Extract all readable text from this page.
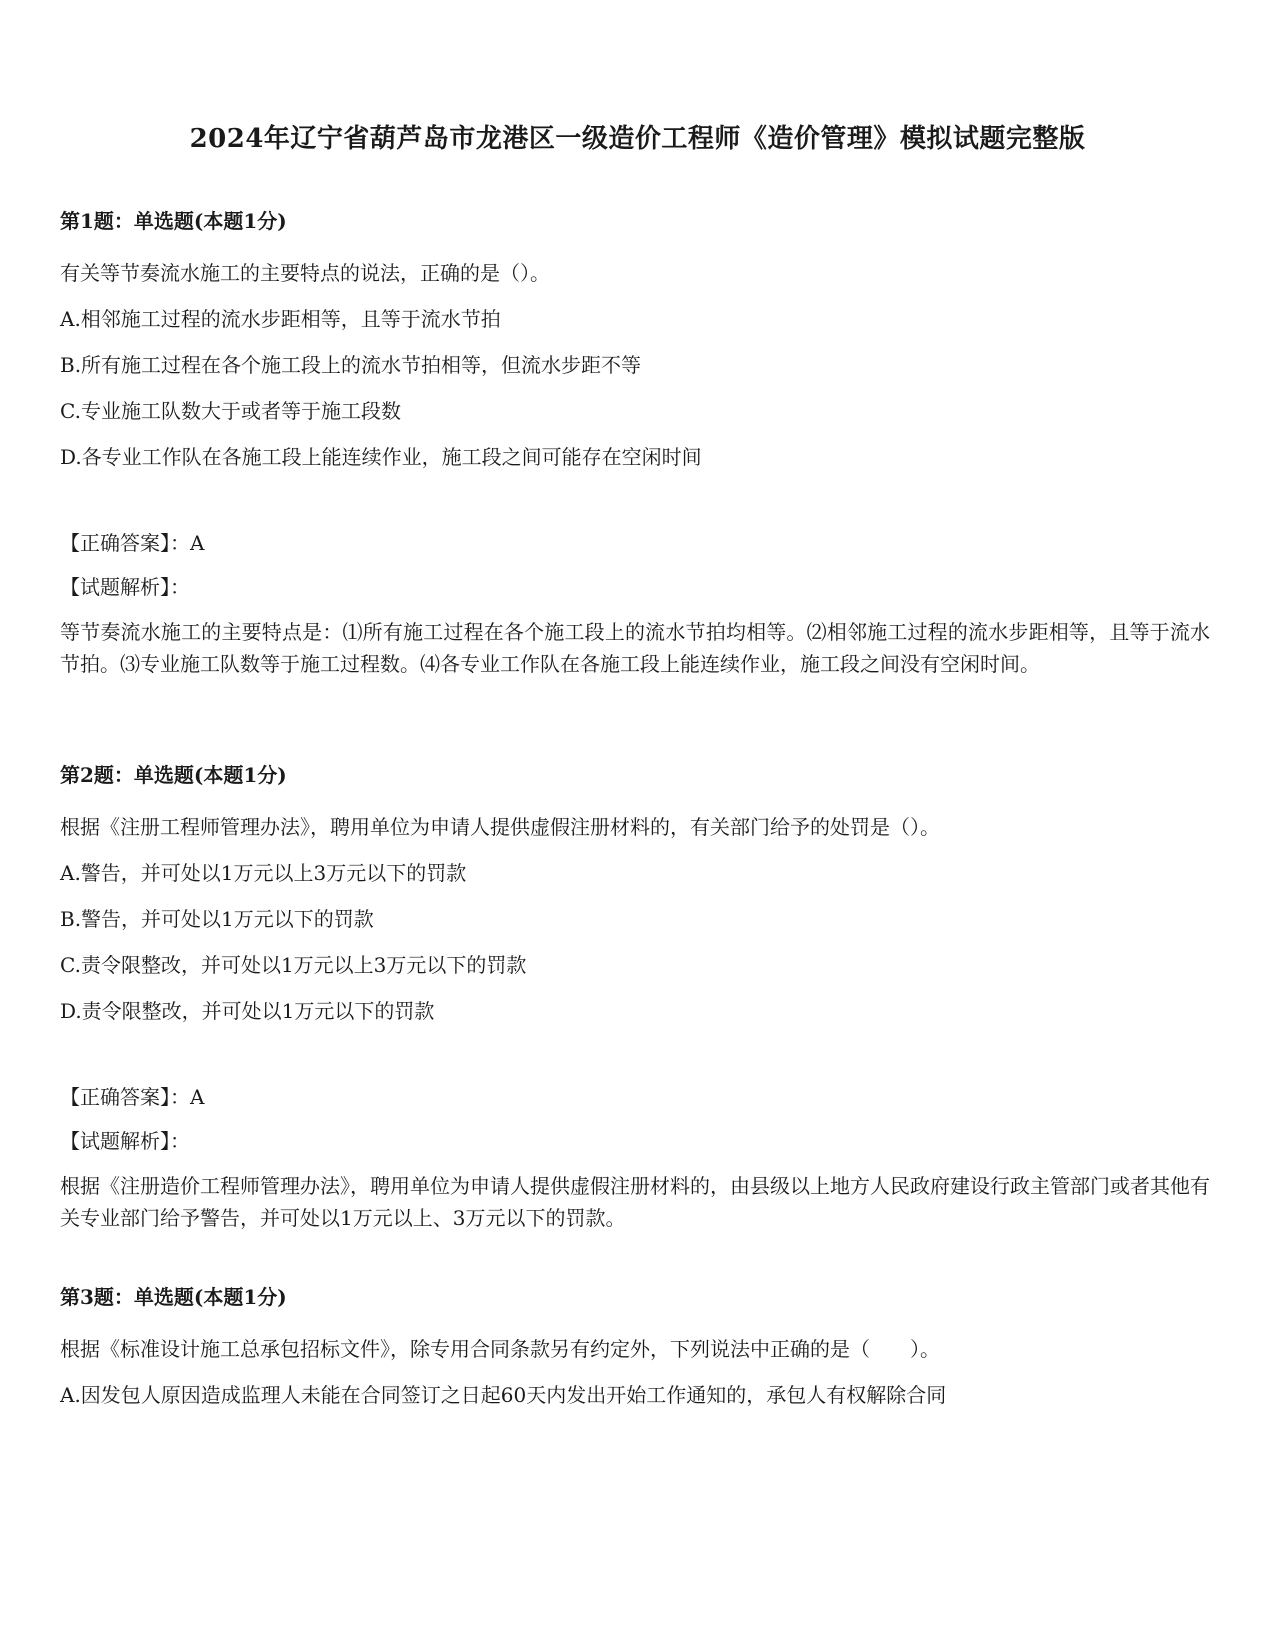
2024年辽宁省葫芦岛市龙港区一级造价工程师《造价管理》模拟试题完整版
第1题：单选题(本题1分)
有关等节奏流水施工的主要特点的说法，正确的是（）。
A.相邻施工过程的流水步距相等，且等于流水节拍
B.所有施工过程在各个施工段上的流水节拍相等，但流水步距不等
C.专业施工队数大于或者等于施工段数
D.各专业工作队在各施工段上能连续作业，施工段之间可能存在空闲时间
【正确答案】：A
【试题解析】：
等节奏流水施工的主要特点是：⑴所有施工过程在各个施工段上的流水节拍均相等。⑵相邻施工过程的流水步距相等，且等于流水节拍。⑶专业施工队数等于施工过程数。⑷各专业工作队在各施工段上能连续作业，施工段之间没有空闲时间。
第2题：单选题(本题1分)
根据《注册工程师管理办法》，聘用单位为申请人提供虚假注册材料的，有关部门给予的处罚是（）。
A.警告，并可处以1万元以上3万元以下的罚款
B.警告，并可处以1万元以下的罚款
C.责令限整改，并可处以1万元以上3万元以下的罚款
D.责令限整改，并可处以1万元以下的罚款
【正确答案】：A
【试题解析】：
根据《注册造价工程师管理办法》，聘用单位为申请人提供虚假注册材料的，由县级以上地方人民政府建设行政主管部门或者其他有关专业部门给予警告，并可处以1万元以上、3万元以下的罚款。
第3题：单选题(本题1分)
根据《标准设计施工总承包招标文件》，除专用合同条款另有约定外，下列说法中正确的是（　　）。
A.因发包人原因造成监理人未能在合同签订之日起60天内发出开始工作通知的，承包人有权解除合同
